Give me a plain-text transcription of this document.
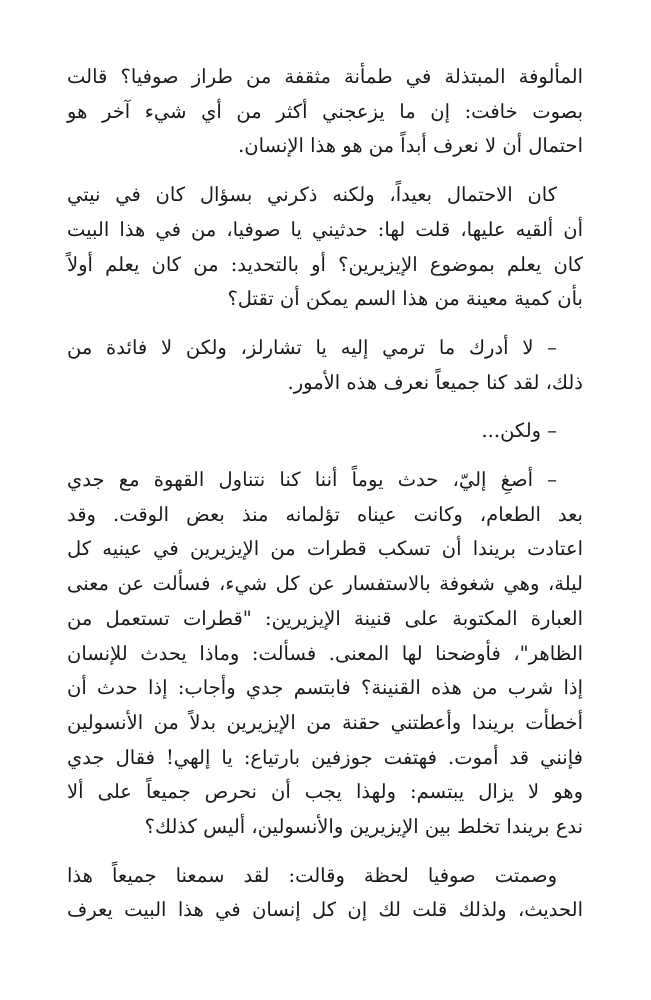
المألوفة المبتذلة في طمأنة مثقفة من طراز صوفيا؟ قالت
بصوت خافت: إن ما يزعجني أكثر من أي شيء آخر هو
احتمال أن لا نعرف أبداً من هو هذا الإنسان.

كان الاحتمال بعيداً، ولكنه ذكرني بسؤال كان في نيتي
أن ألقيه عليها، قلت لها: حدثيني يا صوفيا، من في هذا البيت
كان يعلم بموضوع الإيزيرين؟ أو بالتحديد: من كان يعلم أولاً
بأن كمية معينة من هذا السم يمكن أن تقتل؟

– لا أدرك ما ترمي إليه يا تشارلز، ولكن لا فائدة من
ذلك، لقد كنا جميعاً نعرف هذه الأمور.

– ولكن...

– أصغِ إليّ، حدث يوماً أننا كنا نتناول القهوة مع جدي
بعد الطعام، وكانت عيناه تؤلمانه منذ بعض الوقت. وقد
اعتادت بريندا أن تسكب قطرات من الإيزيرين في عينيه كل
ليلة، وهي شغوفة بالاستفسار عن كل شيء، فسألت عن معنى
العبارة المكتوبة على قنينة الإيزيرين: "قطرات تستعمل من
الظاهر"، فأوضحنا لها المعنى. فسألت: وماذا يحدث للإنسان
إذا شرب من هذه القنينة؟ فابتسم جدي وأجاب: إذا حدث أن
أخطأت بريندا وأعطتني حقنة من الإيزيرين بدلاً من الأنسولين
فإنني قد أموت. فهتفت جوزفين بارتياع: يا إلهي! فقال جدي
وهو لا يزال يبتسم: ولهذا يجب أن نحرص جميعاً على ألا
ندع بريندا تخلط بين الإيزيرين والأنسولين، أليس كذلك؟

وصمتت صوفيا لحظة وقالت: لقد سمعنا جميعاً هذا
الحديث، ولذلك قلت لك إن كل إنسان في هذا البيت يعرف
